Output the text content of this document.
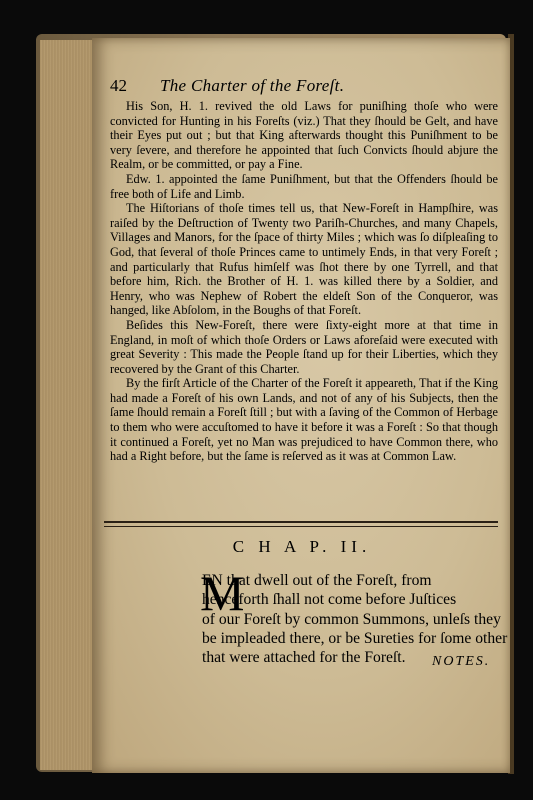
42 The Charter of the Foreſt.

His Son, H. 1. revived the old Laws for puniſhing thoſe who were convicted for Hunting in his Foreſts (viz.) That they ſhould be Gelt, and have their Eyes put out ; but that King afterwards thought this Puniſhment to be very ſevere, and therefore he appointed that ſuch Convicts ſhould abjure the Realm, or be committed, or pay a Fine.

Edw. 1. appointed the ſame Puniſhment, but that the Offenders ſhould be free both of Life and Limb.

The Hiſtorians of thoſe times tell us, that New-Foreſt in Hampſhire, was raiſed by the Deſtruction of Twenty two Pariſh-Churches, and many Chapels, Villages and Manors, for the ſpace of thirty Miles ; which was ſo diſpleaſing to God, that ſeveral of thoſe Princes came to untimely Ends, in that very Foreſt ; and particularly that Rufus himſelf was ſhot there by one Tyrrell, and that before him, Rich. the Brother of H. 1. was killed there by a Soldier, and Henry, who was Nephew of Robert the eldeſt Son of the Conqueror, was hanged, like Abſolom, in the Boughs of that Foreſt.

Beſides this New-Foreſt, there were ſixty-eight more at that time in England, in moſt of which thoſe Orders or Laws aforeſaid were executed with great Severity : This made the People ſtand up for their Liberties, which they recovered by the Grant of this Charter.

By the firſt Article of the Charter of the Foreſt it appeareth, That if the King had made a Foreſt of his own Lands, and not of any of his Subjects, then the ſame ſhould remain a Foreſt ſtill ; but with a ſaving of the Common of Herbage to them who were accuſtomed to have it before it was a Foreſt : So that though it continued a Foreſt, yet no Man was prejudiced to have Common there, who had a Right before, but the ſame is reſerved as it was at Common Law.

C H A P. II.
M
EN that dwell out of the Foreſt, from
henceforth ſhall not come before Juſtices
of our Foreſt by common Summons, unleſs they
be impleaded there, or be Sureties for ſome other
that were attached for the Foreſt.	NOTES.
